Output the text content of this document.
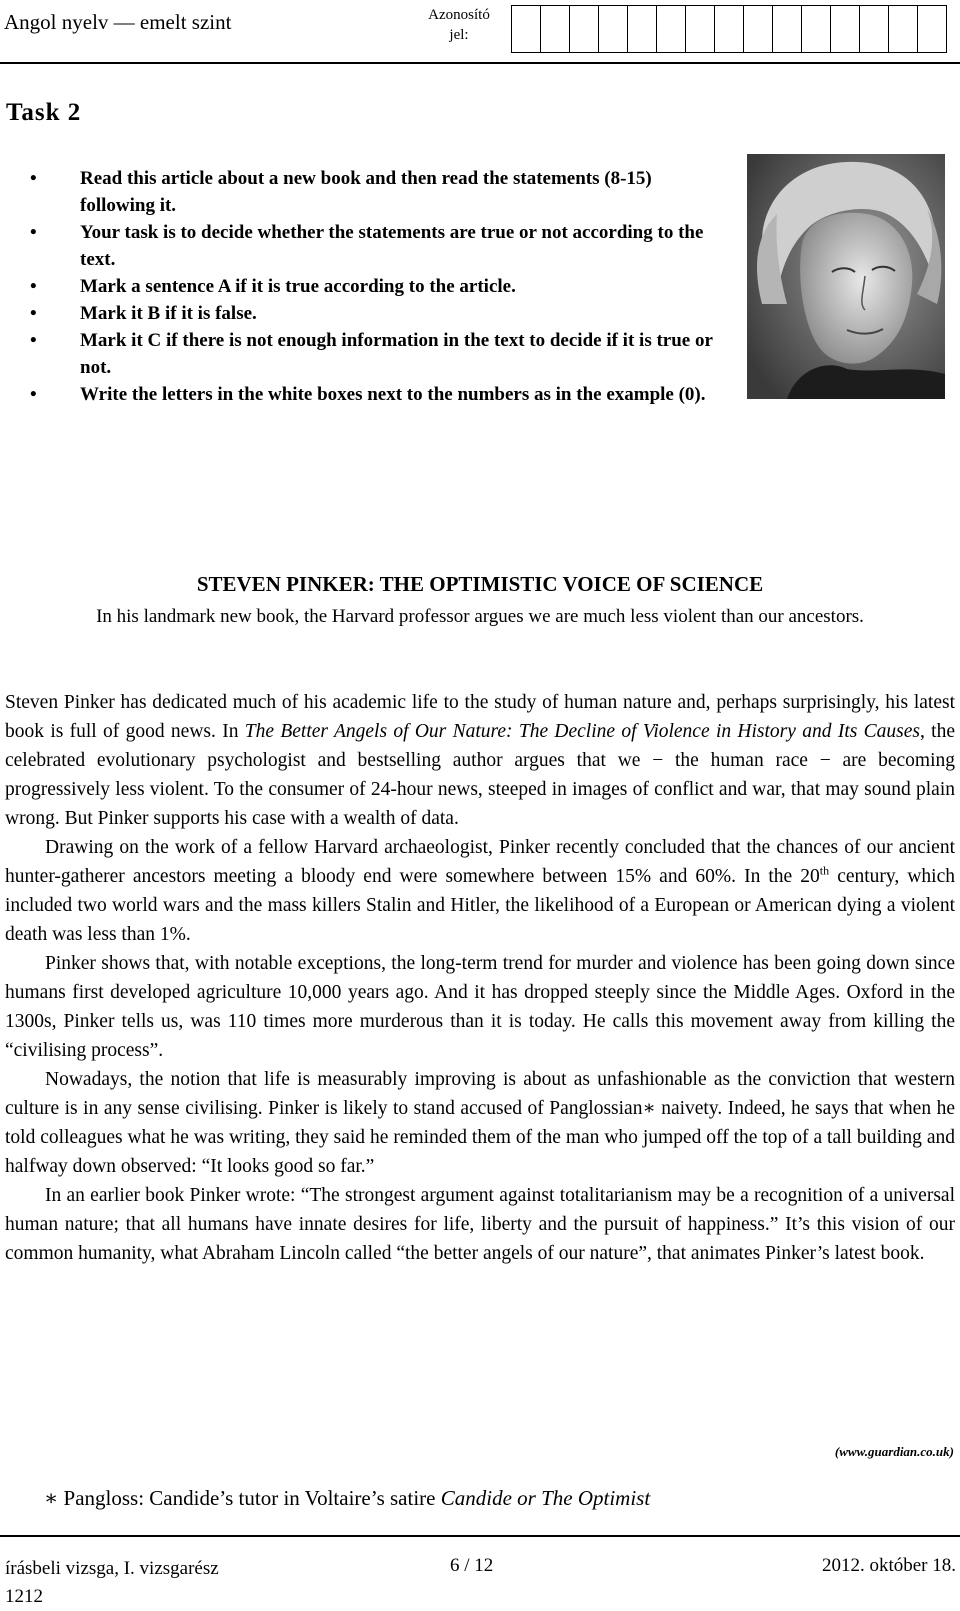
Angol nyelv — emelt szint	Azonosító
jel:
Task 2
• Read this article about a new book and then read the statements (8-15) following it.
• Your task is to decide whether the statements are true or not according to the text.
• Mark a sentence A if it is true according to the article.
• Mark it B if it is false.
• Mark it C if there is not enough information in the text to decide if it is true or not.
• Write the letters in the white boxes next to the numbers as in the example (0).
STEVEN PINKER: THE OPTIMISTIC VOICE OF SCIENCE
In his landmark new book, the Harvard professor argues we are much less violent than our ancestors.

Steven Pinker has dedicated much of his academic life to the study of human nature and, perhaps surprisingly, his latest book is full of good news. In The Better Angels of Our Nature: The Decline of Violence in History and Its Causes, the celebrated evolutionary psychologist and bestselling author argues that we − the human race − are becoming progressively less violent. To the consumer of 24-hour news, steeped in images of conflict and war, that may sound plain wrong. But Pinker supports his case with a wealth of data.

Drawing on the work of a fellow Harvard archaeologist, Pinker recently concluded that the chances of our ancient hunter-gatherer ancestors meeting a bloody end were somewhere between 15% and 60%. In the 20th century, which included two world wars and the mass killers Stalin and Hitler, the likelihood of a European or American dying a violent death was less than 1%.

Pinker shows that, with notable exceptions, the long-term trend for murder and violence has been going down since humans first developed agriculture 10,000 years ago. And it has dropped steeply since the Middle Ages. Oxford in the 1300s, Pinker tells us, was 110 times more murderous than it is today. He calls this movement away from killing the “civilising process”.

Nowadays, the notion that life is measurably improving is about as unfashionable as the conviction that western culture is in any sense civilising. Pinker is likely to stand accused of Panglossian∗ naivety. Indeed, he says that when he told colleagues what he was writing, they said he reminded them of the man who jumped off the top of a tall building and halfway down observed: “It looks good so far.”

In an earlier book Pinker wrote: “The strongest argument against totalitarianism may be a recognition of a universal human nature; that all humans have innate desires for life, liberty and the pursuit of happiness.” It’s this vision of our common humanity, what Abraham Lincoln called “the better angels of our nature”, that animates Pinker’s latest book.

(www.guardian.co.uk)
∗ Pangloss: Candide’s tutor in Voltaire’s satire Candide or The Optimist
írásbeli vizsga, I. vizsgarész
1212
6 / 12	2012. október 18.
